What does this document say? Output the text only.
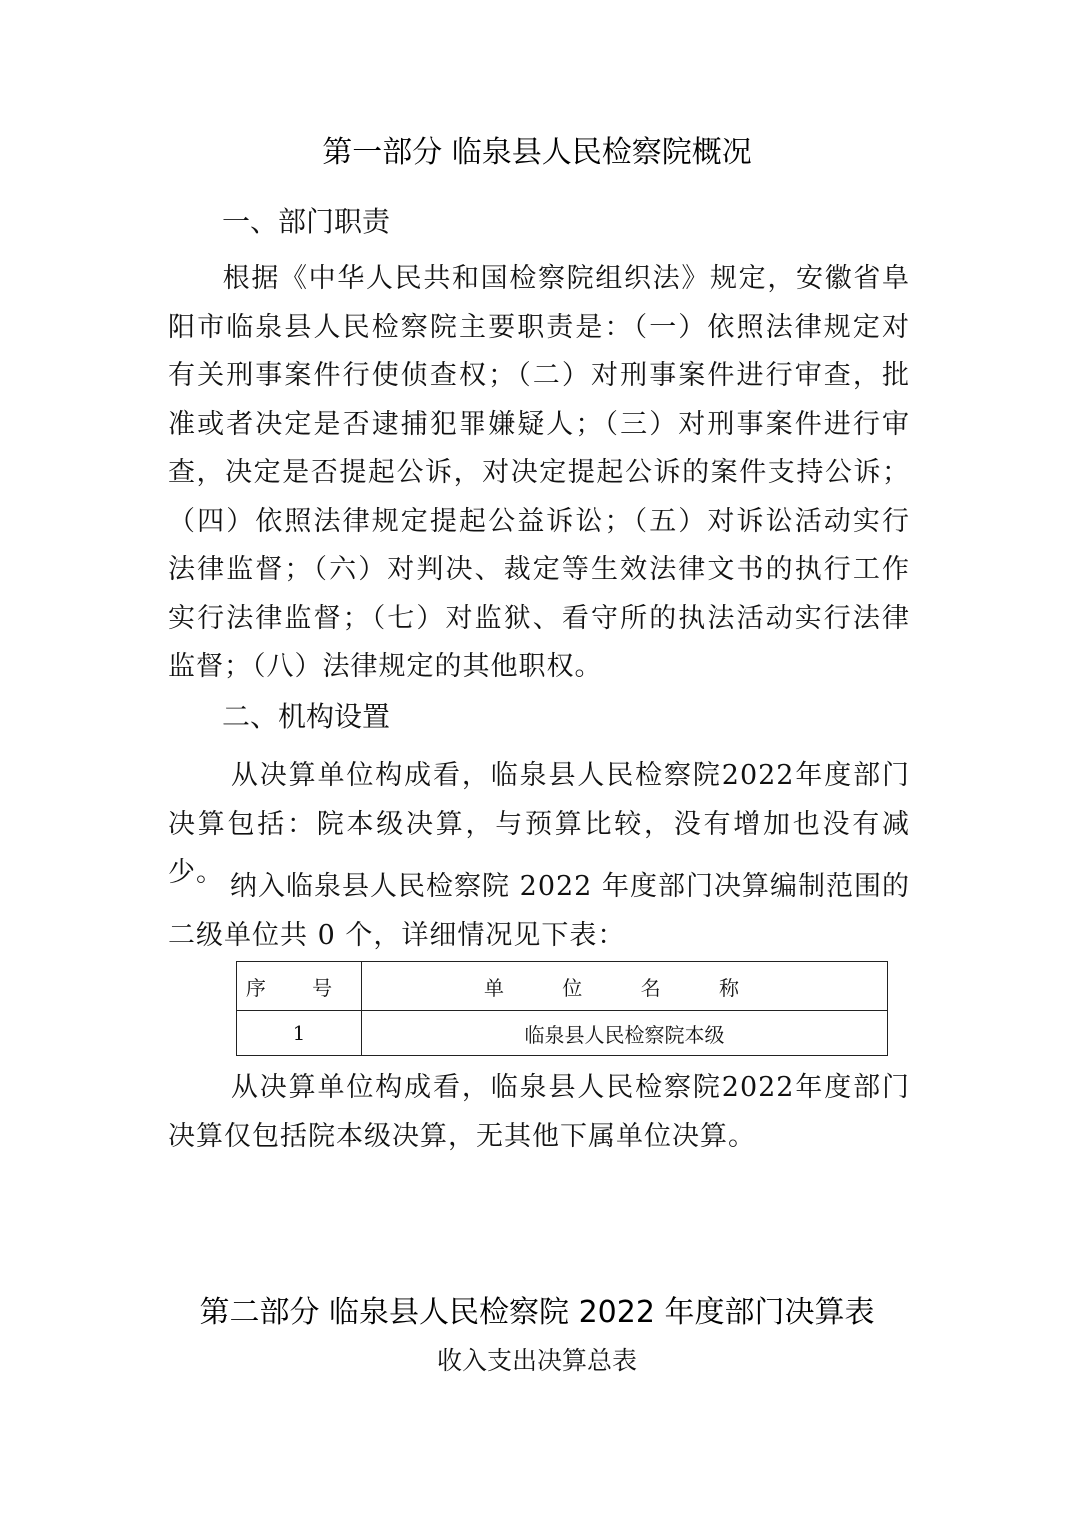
第一部分 临泉县人民检察院概况
一、部门职责
根据《中华人民共和国检察院组织法》规定，安徽省阜阳市临泉县人民检察院主要职责是：（一）依照法律规定对有关刑事案件行使侦查权；（二）对刑事案件进行审查，批准或者决定是否逮捕犯罪嫌疑人；（三）对刑事案件进行审查，决定是否提起公诉，对决定提起公诉的案件支持公诉；（四）依照法律规定提起公益诉讼；（五）对诉讼活动实行法律监督；（六）对判决、裁定等生效法律文书的执行工作实行法律监督；（七）对监狱、看守所的执法活动实行法律监督；（八）法律规定的其他职权。
二、机构设置
从决算单位构成看，临泉县人民检察院2022年度部门决算包括：院本级决算，与预算比较，没有增加也没有减少。 纳入临泉县人民检察院 2022 年度部门决算编制范围的二级单位共 0 个，详细情况见下表：
序 号	单 位 名 称
1	临泉县人民检察院本级
从决算单位构成看，临泉县人民检察院2022年度部门决算仅包括院本级决算，无其他下属单位决算。
第二部分 临泉县人民检察院 2022 年度部门决算表
收入支出决算总表
